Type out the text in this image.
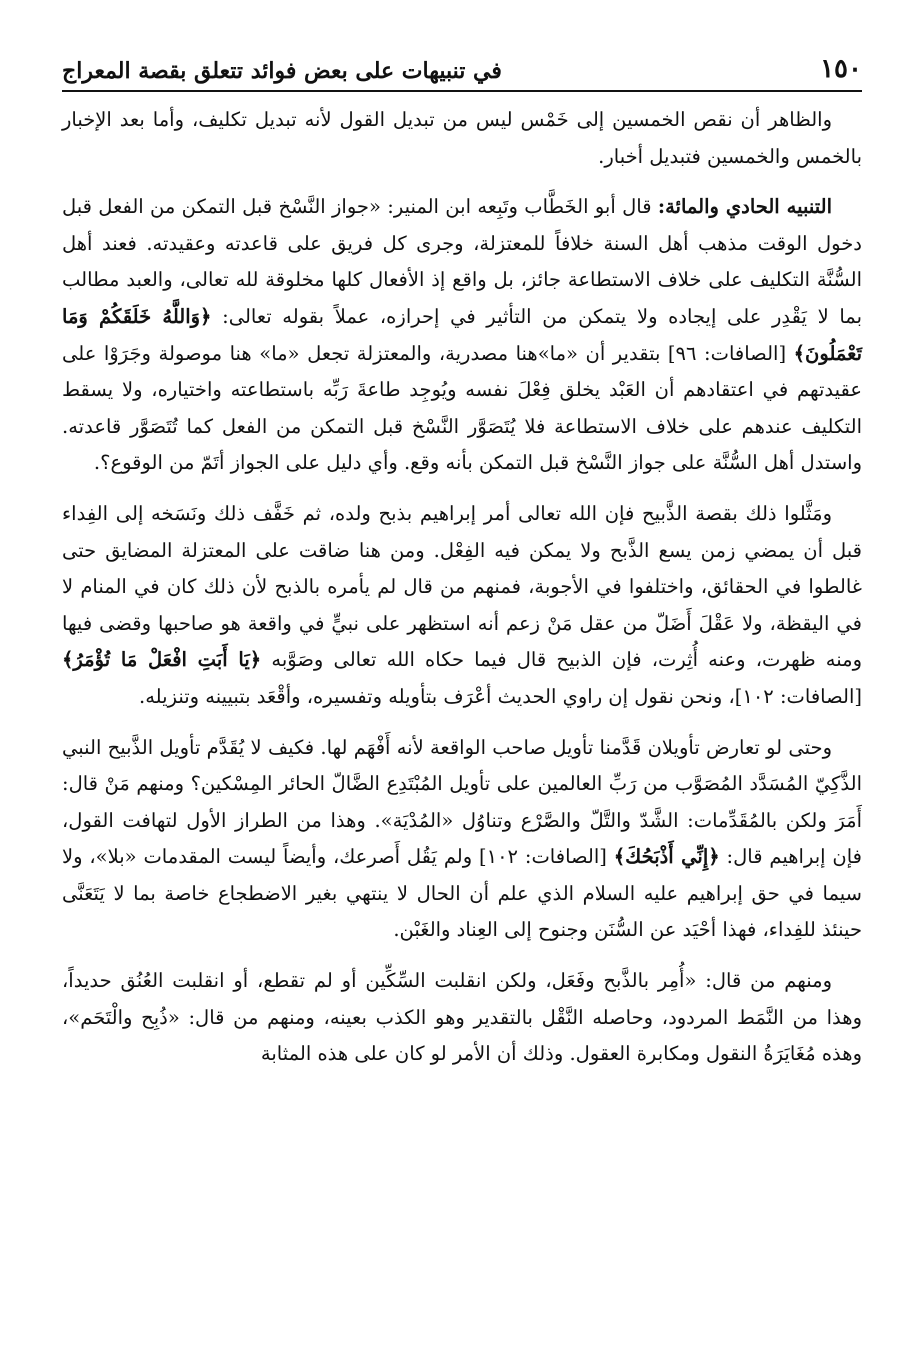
١٥٠
في تنبيهات على بعض فوائد تتعلق بقصة المعراج

والظاهر أن نقص الخمسين إلى خَمْس ليس من تبديل القول لأنه تبديل تكليف، وأما بعد الإخبار بالخمس والخمسين فتبديل أخبار.

التنبيه الحادي والمائة: قال أبو الخَطَّاب وتَبِعه ابن المنير: «جواز النَّسْخ قبل التمكن من الفعل قبل دخول الوقت مذهب أهل السنة خلافاً للمعتزلة، وجرى كل فريق على قاعدته وعقيدته. فعند أهل السُّنَّة التكليف على خلاف الاستطاعة جائز، بل واقع إذ الأفعال كلها مخلوقة لله تعالى، والعبد مطالب بما لا يَقْدِر على إيجاده ولا يتمكن من التأثير في إحرازه، عملاً بقوله تعالى: ﴿وَاللَّهُ خَلَقَكُمْ وَمَا تَعْمَلُونَ﴾ [الصافات: ٩٦] بتقدير أن «ما»هنا مصدرية، والمعتزلة تجعل «ما» هنا موصولة وجَرَوْا على عقيدتهم في اعتقادهم أن العَبْد يخلق فِعْلَ نفسه ويُوجِد طاعةَ رَبِّه باستطاعته واختياره، ولا يسقط التكليف عندهم على خلاف الاستطاعة فلا يُتَصَوَّر النَّسْخ قبل التمكن من الفعل كما تُتَصَوَّر قاعدته. واستدل أهل السُّنَّة على جواز النَّسْخ قبل التمكن بأنه وقع. وأي دليل على الجواز أتَمّ من الوقوع؟.

ومَثَّلوا ذلك بقصة الذَّبيح فإن الله تعالى أمر إبراهيم بذبح ولده، ثم خَفَّف ذلك ونَسَخه إلى الفِداء قبل أن يمضي زمن يسع الذَّبح ولا يمكن فيه الفِعْل. ومن هنا ضاقت على المعتزلة المضايق حتى غالطوا في الحقائق، واختلفوا في الأجوبة، فمنهم من قال لم يأمره بالذبح لأن ذلك كان في المنام لا في اليقظة، ولا عَقْلَ أَضَلّ من عقل مَنْ زعم أنه استظهر على نبيٍّ في واقعة هو صاحبها وقضى فيها ومنه ظهرت، وعنه أُثِرت، فإن الذبيح قال فيما حكاه الله تعالى وصَوَّبه ﴿يَا أَبَتِ افْعَلْ مَا تُؤْمَرُ﴾ [الصافات: ١٠٢]، ونحن نقول إن راوي الحديث أعْرَف بتأويله وتفسيره، وأقْعَد بتبيينه وتنزيله.

وحتى لو تعارض تأويلان قَدَّمنا تأويل صاحب الواقعة لأنه أَفْهَم لها. فكيف لا يُقَدَّم تأويل الذَّبيح النبي الذَّكِيّ المُسَدَّد المُصَوَّب من رَبِّ العالمين على تأويل المُبْتَدِع الضَّالّ الحائر المِسْكين؟ ومنهم مَنْ قال: أَمَرَ ولكن بالمُقَدِّمات: الشَّدّ والتَّلّ والصَّرْع وتناوُل «المُدْيَة». وهذا من الطراز الأول لتهافت القول، فإن إبراهيم قال: ﴿إِنِّي أَذْبَحُكَ﴾ [الصافات: ١٠٢] ولم يَقُل أَصرعك، وأيضاً ليست المقدمات «بلا»، ولا سيما في حق إبراهيم عليه السلام الذي علم أن الحال لا ينتهي بغير الاضطجاع خاصة بما لا يَتَعَنَّى حينئذ للفِداء، فهذا أحْيَد عن السُّنَن وجنوح إلى العِناد والغَبْن.

ومنهم من قال: «أُمِر بالذَّبح وفَعَل، ولكن انقلبت السِّكِّين أو لم تقطع، أو انقلبت العُنُق حديداً، وهذا من النَّمَط المردود، وحاصله النَّقْل بالتقدير وهو الكذب بعينه، ومنهم من قال: «ذُبِح والْتَحَم»، وهذه مُغَايَرَةُ النقول ومكابرة العقول. وذلك أن الأمر لو كان على هذه المثابة
